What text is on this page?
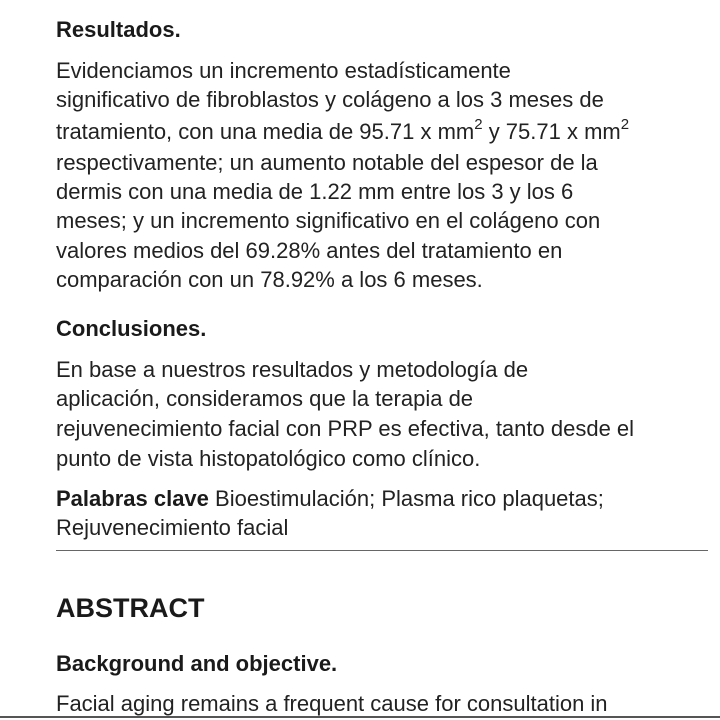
Resultados.
Evidenciamos un incremento estadísticamente
significativo de fibroblastos y colágeno a los 3 meses de
tratamiento, con una media de 95.71 x $mm^2$ y 75.71 x $mm^2$
respectivamente; un aumento notable del espesor de la
dermis con una media de 1.22 mm entre los 3 y los 6
meses; y un incremento significativo en el colágeno con
valores medios del 69.28% antes del tratamiento en
comparación con un 78.92% a los 6 meses.
Conclusiones.
En base a nuestros resultados y metodología de
aplicación, consideramos que la terapia de
rejuvenecimiento facial con PRP es efectiva, tanto desde el
punto de vista histopatológico como clínico.
Palabras clave Bioestimulación; Plasma rico plaquetas;
Rejuvenecimiento facial
ABSTRACT
Background and objective.
Facial aging remains a frequent cause for consultation in
